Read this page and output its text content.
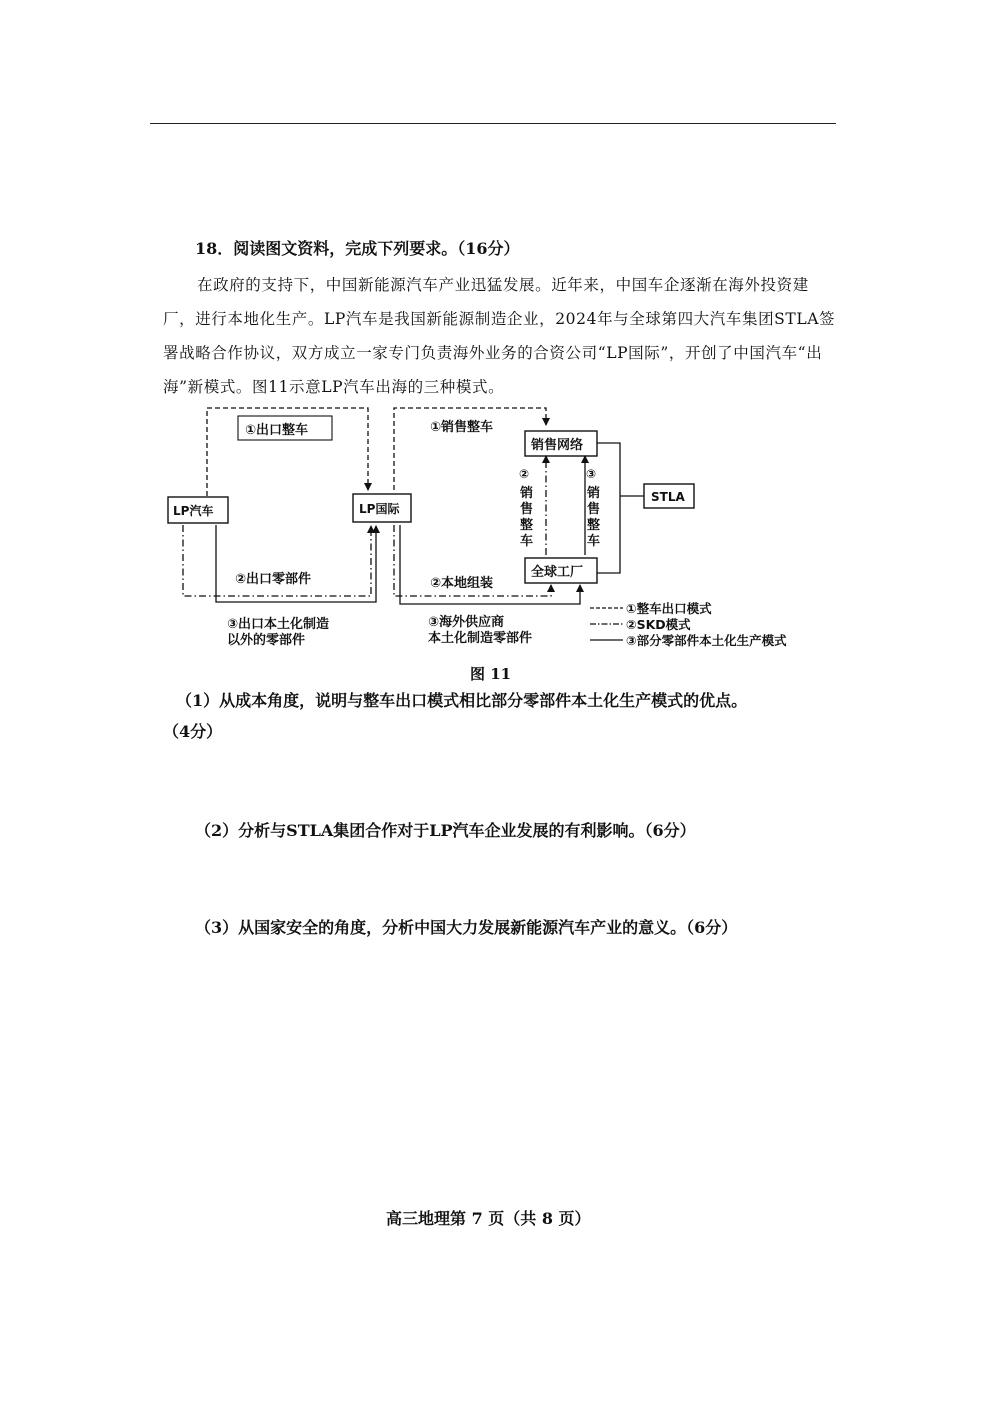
18．阅读图文资料，完成下列要求。（16分）
在政府的支持下，中国新能源汽车产业迅猛发展。近年来，中国车企逐渐在海外投资建厂，进行本地化生产。LP汽车是我国新能源制造企业，2024年与全球第四大汽车集团STLA签署战略合作协议，双方成立一家专门负责海外业务的合资公司“LP国际”，开创了中国汽车“出海”新模式。图11示意LP汽车出海的三种模式。
①出口整车
LP汽车	LP国际
销售网络
全球工厂
STLA
②出口零部件
③出口本土化制造
以外的零部件
①销售整车
②本地组装
③海外供应商
本土化制造零部件
②
销
售
整
车
③
销
售
整
车
①整车出口模式
②SKD模式
③部分零部件本土化生产模式
图 11
（1）从成本角度，说明与整车出口模式相比部分零部件本土化生产模式的优点。
（4分）
（2）分析与STLA集团合作对于LP汽车企业发展的有利影响。（6分）
（3）从国家安全的角度，分析中国大力发展新能源汽车产业的意义。（6分）
高三地理第 7 页（共 8 页）
